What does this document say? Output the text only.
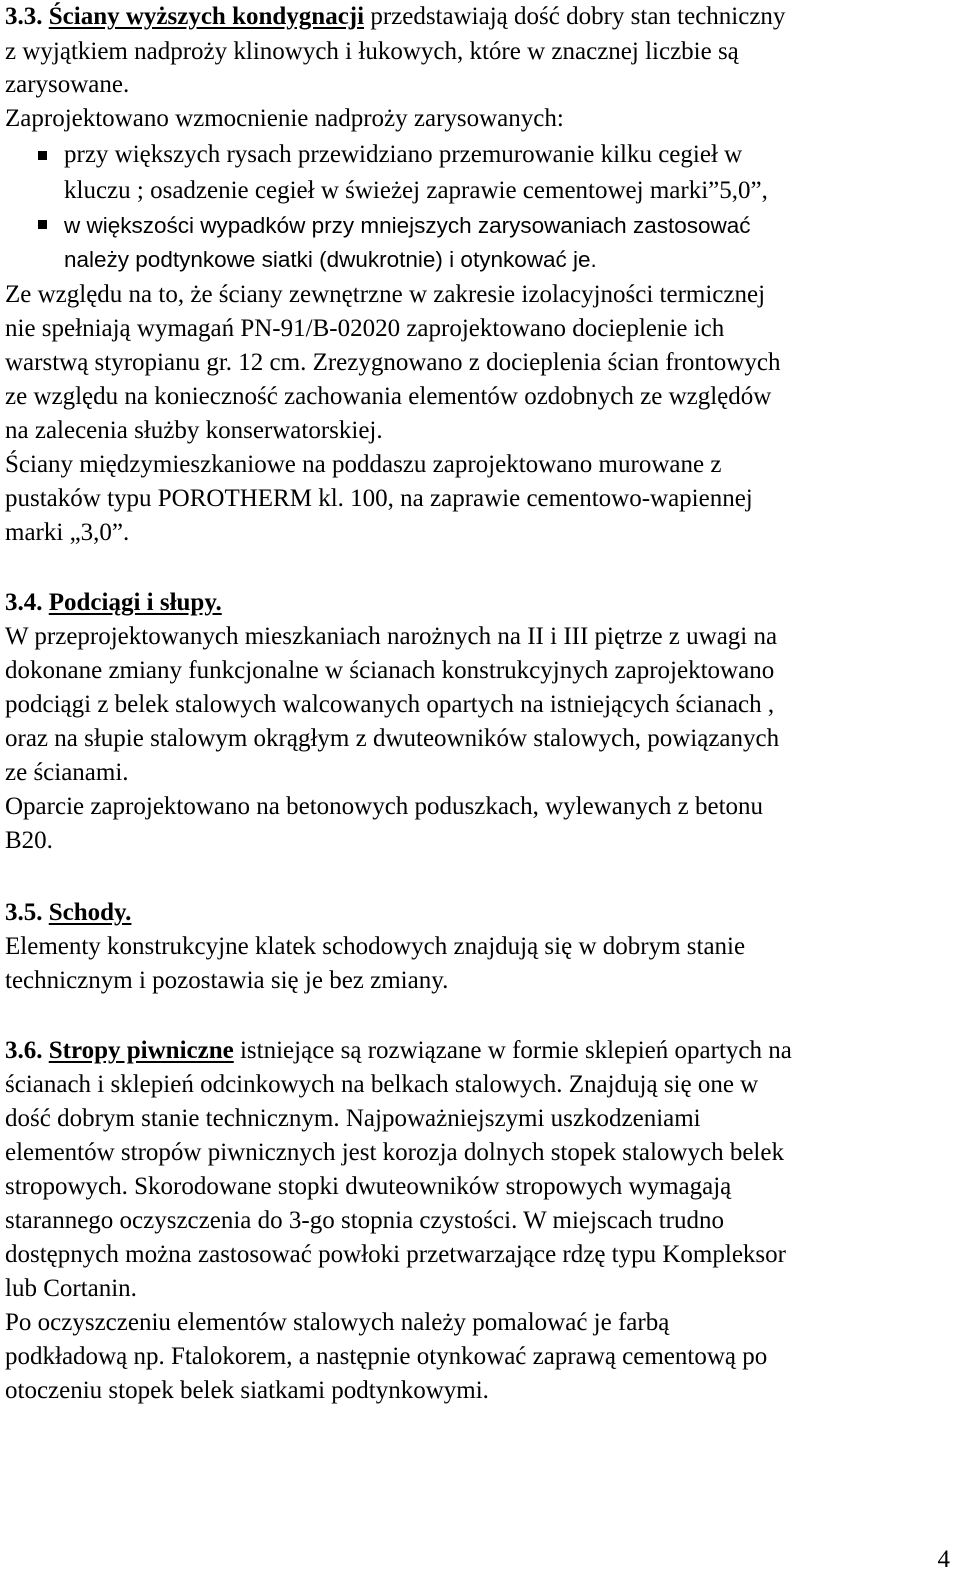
3.3. Ściany wyższych kondygnacji przedstawiają dość dobry stan techniczny
z wyjątkiem nadproży klinowych i łukowych, które w znacznej liczbie są
zarysowane.
Zaprojektowano wzmocnienie nadproży zarysowanych:
przy większych rysach przewidziano przemurowanie kilku cegieł w
kluczu ; osadzenie cegieł w świeżej zaprawie cementowej marki”5,0”,
w większości wypadków przy mniejszych zarysowaniach zastosować
należy podtynkowe siatki (dwukrotnie) i otynkować je.
Ze względu na to, że ściany zewnętrzne w zakresie izolacyjności termicznej
nie spełniają wymagań PN-91/B-02020 zaprojektowano docieplenie ich
warstwą styropianu gr. 12 cm. Zrezygnowano z docieplenia ścian frontowych
ze względu na konieczność zachowania elementów ozdobnych ze względów
na zalecenia służby konserwatorskiej.
Ściany międzymieszkaniowe na poddaszu zaprojektowano murowane z
pustaków typu POROTHERM kl. 100, na zaprawie cementowo-wapiennej
marki „3,0”.
3.4. Podciągi i słupy.
W przeprojektowanych mieszkaniach narożnych na II i III piętrze z uwagi na
dokonane zmiany funkcjonalne w ścianach konstrukcyjnych zaprojektowano
podciągi z belek stalowych walcowanych opartych na istniejących ścianach ,
oraz na słupie stalowym okrągłym z dwuteowników stalowych, powiązanych
ze ścianami.
Oparcie zaprojektowano na betonowych poduszkach, wylewanych z betonu
B20.
3.5. Schody.
Elementy konstrukcyjne klatek schodowych znajdują się w dobrym stanie
technicznym i pozostawia się je bez zmiany.
3.6. Stropy piwniczne istniejące są rozwiązane w formie sklepień opartych na
ścianach i sklepień odcinkowych na belkach stalowych. Znajdują się one w
dość dobrym stanie technicznym. Najpoważniejszymi uszkodzeniami
elementów stropów piwnicznych jest korozja dolnych stopek stalowych belek
stropowych. Skorodowane stopki dwuteowników stropowych wymagają
starannego oczyszczenia do 3-go stopnia czystości. W miejscach trudno
dostępnych można zastosować powłoki przetwarzające rdzę typu Kompleksor
lub Cortanin.
Po oczyszczeniu elementów stalowych należy pomalować je farbą
podkładową np. Ftalokorem, a następnie otynkować zaprawą cementową po
otoczeniu stopek belek siatkami podtynkowymi.
4
